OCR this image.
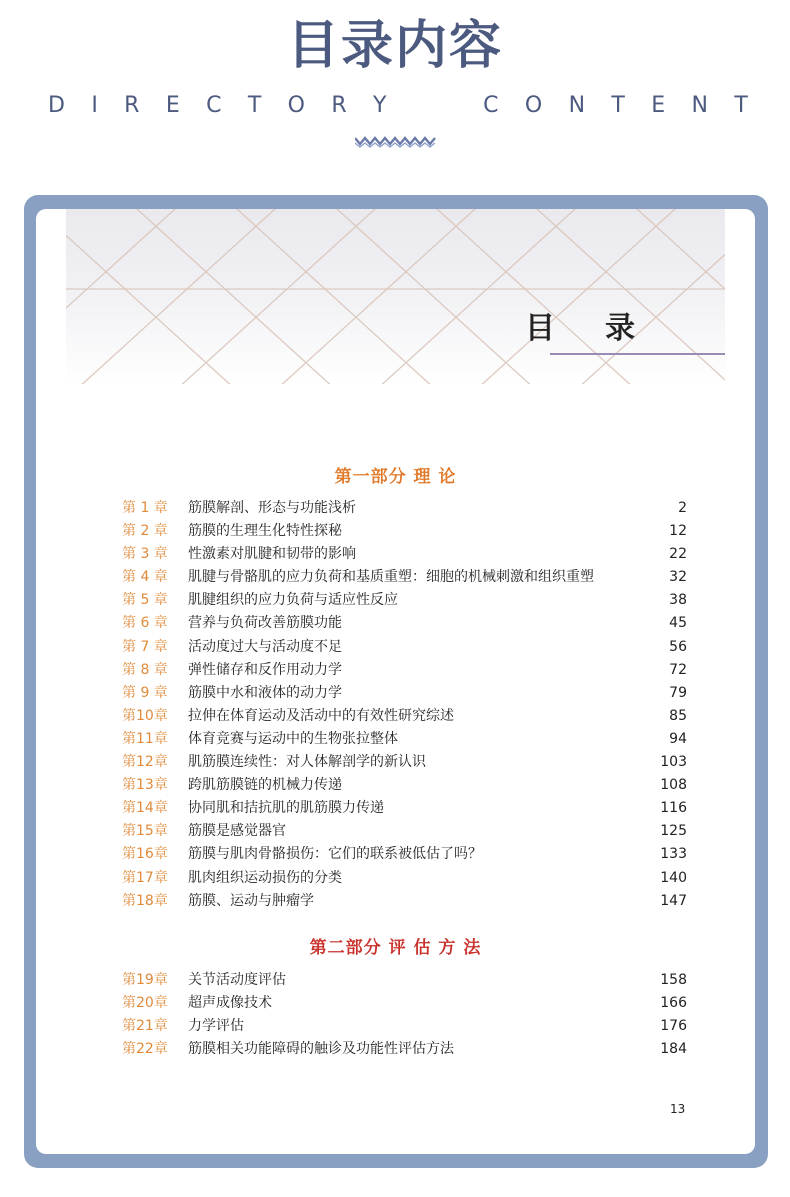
目录内容
D I R E C T O R Y	C O N T E N T
目录
第一部分 理 论
第 1 章 筋膜解剖、形态与功能浅析	2
第 2 章 筋膜的生理生化特性探秘	12
第 3 章 性激素对肌腱和韧带的影响	22
第 4 章 肌腱与骨骼肌的应力负荷和基质重塑：细胞的机械刺激和组织重塑	32
第 5 章 肌腱组织的应力负荷与适应性反应	38
第 6 章 营养与负荷改善筋膜功能	45
第 7 章 活动度过大与活动度不足	56
第 8 章 弹性储存和反作用动力学	72
第 9 章 筋膜中水和液体的动力学	79
第10章 拉伸在体育运动及活动中的有效性研究综述	85
第11章 体育竞赛与运动中的生物张拉整体	94
第12章 肌筋膜连续性：对人体解剖学的新认识	103
第13章 跨肌筋膜链的机械力传递	108
第14章 协同肌和拮抗肌的肌筋膜力传递	116
第15章 筋膜是感觉器官	125
第16章 筋膜与肌肉骨骼损伤：它们的联系被低估了吗？	133
第17章 肌肉组织运动损伤的分类	140
第18章 筋膜、运动与肿瘤学	147
第二部分 评 估 方 法
第19章 关节活动度评估	158
第20章 超声成像技术	166
第21章 力学评估	176
第22章 筋膜相关功能障碍的触诊及功能性评估方法	184
13
